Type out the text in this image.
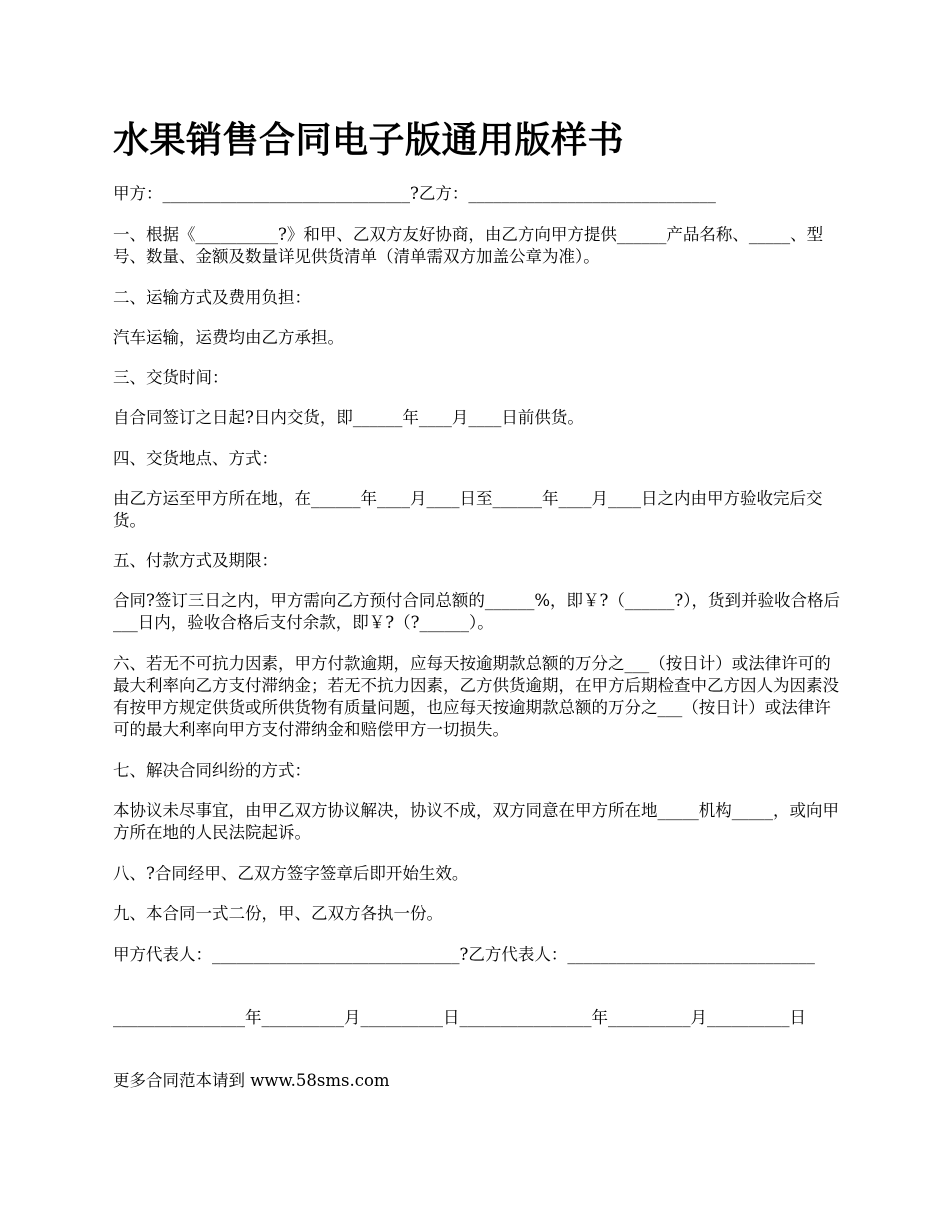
水果销售合同电子版通用版样书

甲方：______________________________?乙方：______________________________

一、根据《__________?》和甲、乙双方友好协商，由乙方向甲方提供______产品名称、_____、型号、数量、金额及数量详见供货清单（清单需双方加盖公章为准）。

二、运输方式及费用负担：

汽车运输，运费均由乙方承担。

三、交货时间：

自合同签订之日起?日内交货，即______年____月____日前供货。

四、交货地点、方式：

由乙方运至甲方所在地，在______年____月____日至______年____月____日之内由甲方验收完后交货。

五、付款方式及期限：

合同?签订三日之内，甲方需向乙方预付合同总额的______%，即￥?（______?），货到并验收合格后___日内，验收合格后支付余款，即￥?（?______）。

六、若无不可抗力因素，甲方付款逾期，应每天按逾期款总额的万分之___（按日计）或法律许可的最大利率向乙方支付滞纳金；若无不抗力因素，乙方供货逾期，在甲方后期检查中乙方因人为因素没有按甲方规定供货或所供货物有质量问题，也应每天按逾期款总额的万分之___（按日计）或法律许可的最大利率向甲方支付滞纳金和赔偿甲方一切损失。

七、解决合同纠纷的方式：

本协议未尽事宜，由甲乙双方协议解决，协议不成，双方同意在甲方所在地_____机构_____，或向甲方所在地的人民法院起诉。

八、?合同经甲、乙双方签字签章后即开始生效。

九、本合同一式二份，甲、乙双方各执一份。

甲方代表人：______________________________?乙方代表人：______________________________

________________年__________月__________日________________年__________月__________日

更多合同范本请到 www.58sms.com
